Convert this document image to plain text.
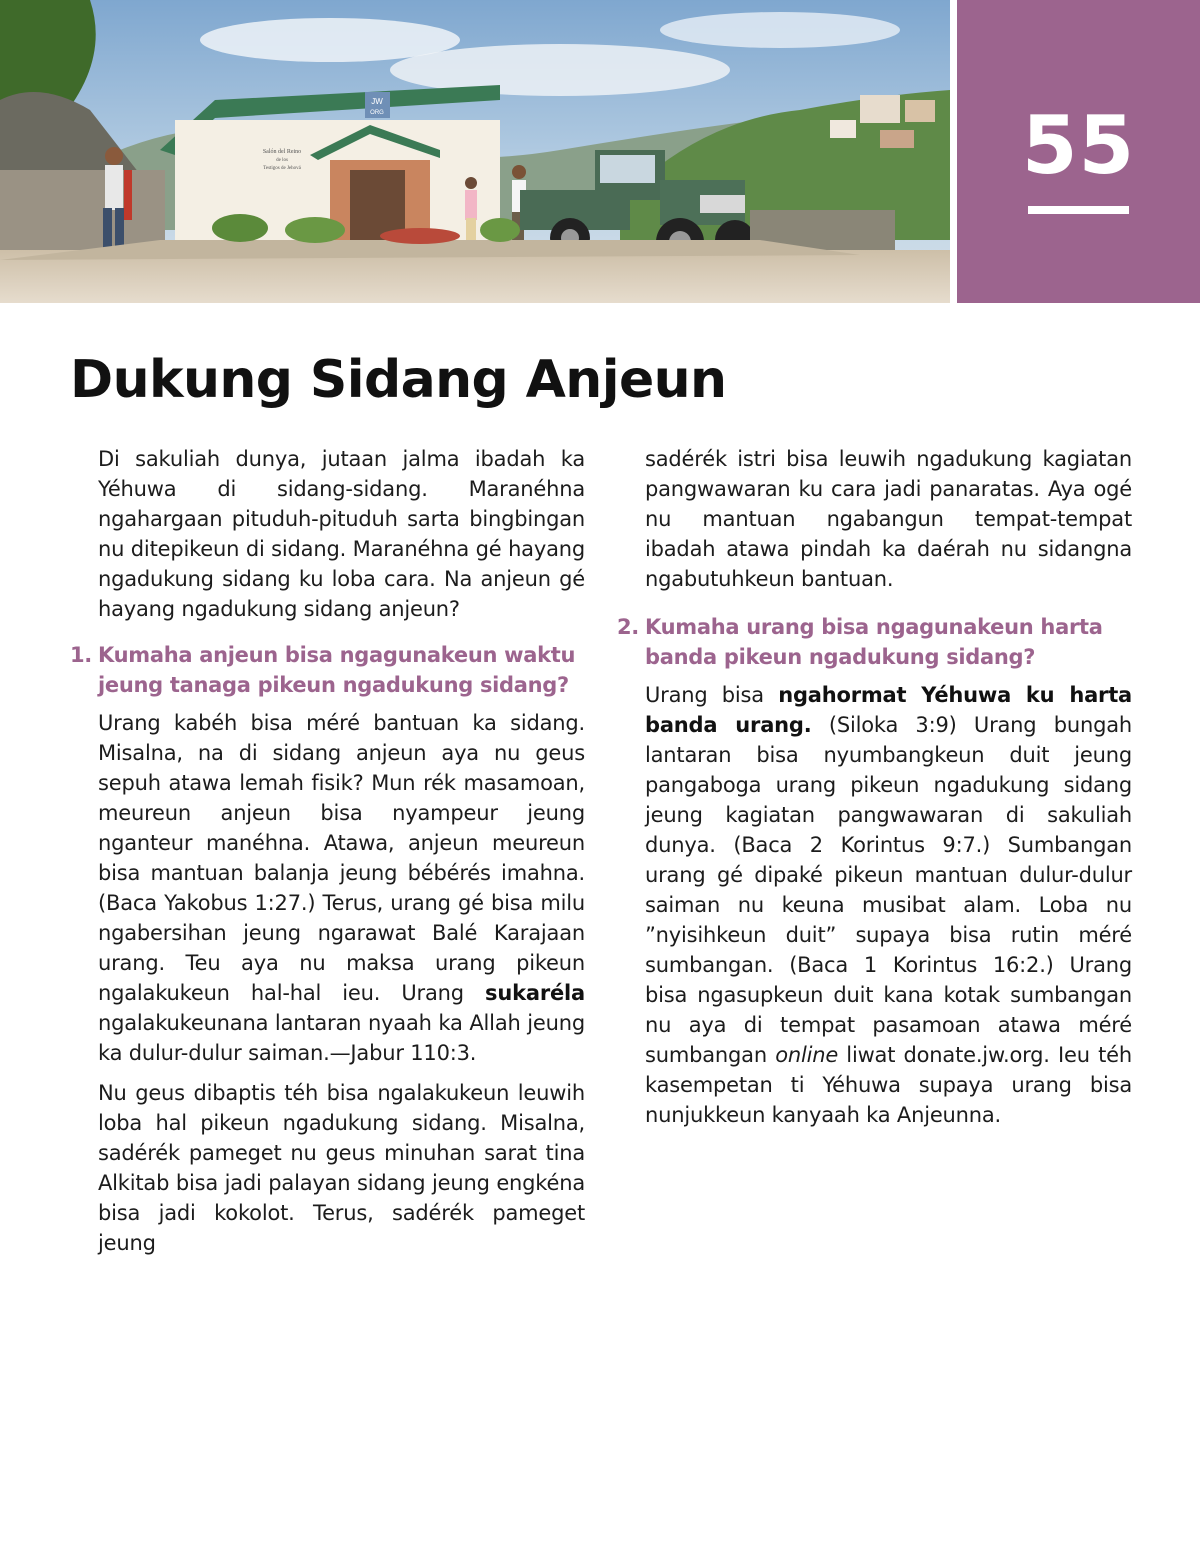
JW
ORG
Salón del Reino
de los
Testigos de Jehová	55
Dukung Sidang Anjeun

Di sakuliah dunya, jutaan jalma ibadah ka Yéhuwa di sidang-sidang. Maranéhna ngahargaan pituduh-pituduh sarta bingbingan nu ditepikeun di sidang. Maranéhna gé hayang ngadukung sidang ku loba cara. Na anjeun gé hayang ngadukung sidang anjeun?

1. Kumaha anjeun bisa ngagunakeun waktu jeung tanaga pikeun ngadukung sidang?

Urang kabéh bisa méré bantuan ka sidang. Misalna, na di sidang anjeun aya nu geus sepuh atawa lemah fisik? Mun rék masamoan, meureun anjeun bisa nyampeur jeung nganteur manéhna. Atawa, anjeun meureun bisa mantuan balanja jeung bébérés imahna. (Baca Yakobus 1:27.) Terus, urang gé bisa milu ngabersihan jeung ngarawat Balé Karajaan urang. Teu aya nu maksa urang pikeun ngalakukeun hal-hal ieu. Urang sukaréla ngalakukeunana lantaran nyaah ka Allah jeung ka dulur-dulur saiman.—Jabur 110:3.

Nu geus dibaptis téh bisa ngalakukeun leuwih loba hal pikeun ngadukung sidang. Misalna, sadérék pameget nu geus minuhan sarat tina Alkitab bisa jadi palayan sidang jeung engkéna bisa jadi kokolot. Terus, sadérék pameget jeung

sadérék istri bisa leuwih ngadukung kagiatan pangwawaran ku cara jadi panaratas. Aya ogé nu mantuan ngabangun tempat-tempat ibadah atawa pindah ka daérah nu sidangna ngabutuhkeun bantuan.

2. Kumaha urang bisa ngagunakeun harta banda pikeun ngadukung sidang?

Urang bisa ngahormat Yéhuwa ku harta banda urang. (Siloka 3:9) Urang bungah lantaran bisa nyumbangkeun duit jeung pangaboga urang pikeun ngadukung sidang jeung kagiatan pangwawaran di sakuliah dunya. (Baca 2 Korintus 9:7.) Sumbangan urang gé dipaké pikeun mantuan dulur-dulur saiman nu keuna musibat alam. Loba nu ”nyisihkeun duit” supaya bisa rutin méré sumbangan. (Baca 1 Korintus 16:2.) Urang bisa ngasupkeun duit kana kotak sumbangan nu aya di tempat pasamoan atawa méré sumbangan online liwat donate.jw.org. Ieu téh kasempetan ti Yéhuwa supaya urang bisa nunjukkeun kanyaah ka Anjeunna.
